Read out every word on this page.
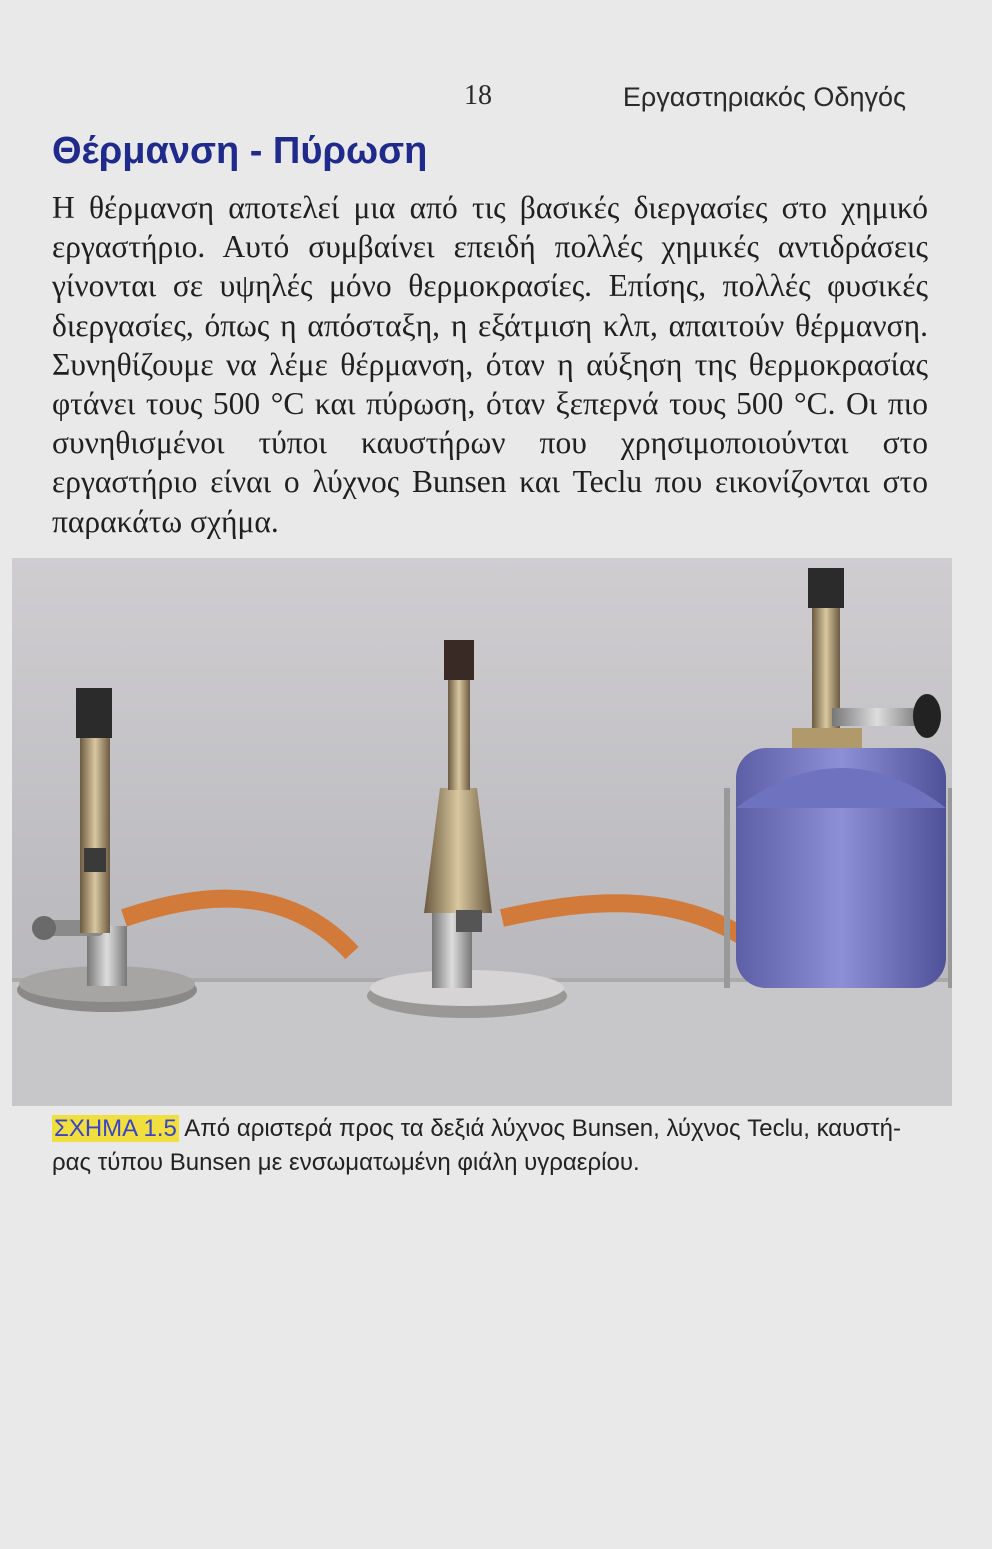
18	Εργαστηριακός Οδηγός
Θέρμανση - Πύρωση

Η θέρμανση αποτελεί μια από τις βασικές διεργασίες στο χημικό εργαστήριο. Αυτό συμβαίνει επειδή πολλές χημικές αντιδράσεις γίνονται σε υψηλές μόνο θερμοκρασίες. Επίσης, πολλές φυσικές διεργασίες, όπως η απόσταξη, η εξάτμιση κλπ, απαιτούν θέρμανση. Συνηθίζουμε να λέμε θέρμανση, όταν η αύξηση της θερμοκρασίας φτάνει τους 500 °C και πύρωση, όταν ξεπερνά τους 500 °C. Οι πιο συνηθισμένοι τύποι καυστήρων που χρησιμοποιούνται στο εργαστήριο είναι ο λύχνος Bunsen και Teclu που εικονίζονται στο παρακάτω σχήμα.

ΣΧΗΜΑ 1.5 Από αριστερά προς τα δεξιά λύχνος Bunsen, λύχνος Teclu, καυστήρας τύπου Bunsen με ενσωματωμένη φιάλη υγραερίου.
